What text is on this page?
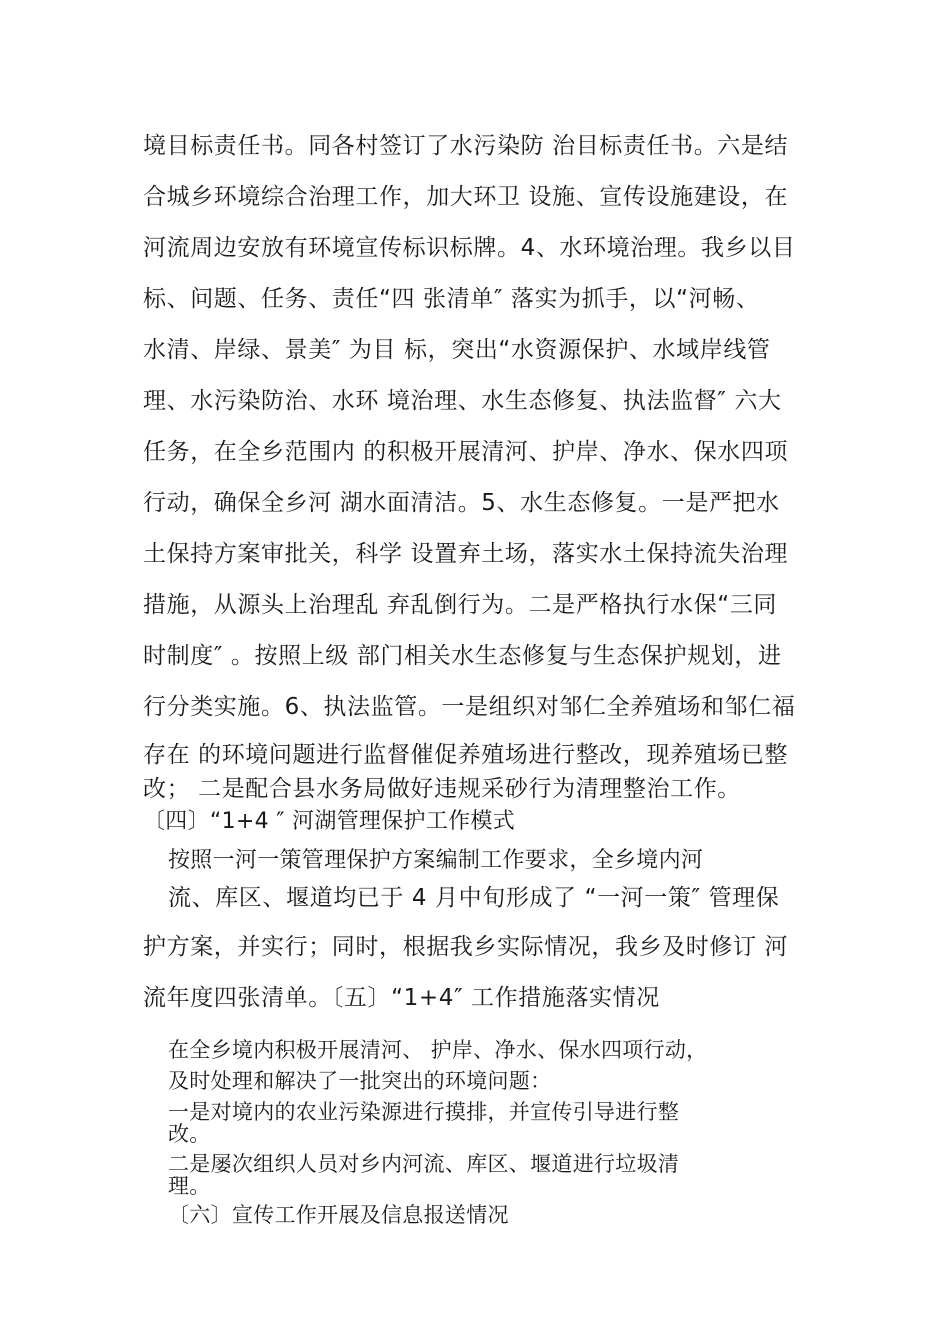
境目标责任书。同各村签订了水污染防 治目标责任书。六是结

合城乡环境综合治理工作，加大环卫 设施、宣传设施建设，在

河流周边安放有环境宣传标识标牌。4、水环境治理。我乡以目

标、问题、任务、责任“四 张清单″ 落实为抓手，以“河畅、

水清、岸绿、景美″ 为目 标，突出“水资源保护、水域岸线管

理、水污染防治、水环 境治理、水生态修复、执法监督″ 六大

任务，在全乡范围内 的积极开展清河、护岸、净水、保水四项

行动，确保全乡河 湖水面清洁。5、水生态修复。一是严把水

土保持方案审批关，科学 设置弃土场，落实水土保持流失治理

措施，从源头上治理乱 弃乱倒行为。二是严格执行水保“三同

时制度″ 。按照上级 部门相关水生态修复与生态保护规划，进

行分类实施。6、执法监管。一是组织对邹仁全养殖场和邹仁福

存在 的环境问题进行监督催促养殖场进行整改，现养殖场已整

改； 二是配合县水务局做好违规采砂行为清理整治工作。

〔四〕“1+4 ″ 河湖管理保护工作模式

按照一河一策管理保护方案编制工作要求，全乡境内河

流、库区、堰道均已于 4 月中旬形成了 “一河一策″ 管理保

护方案，并实行；同时，根据我乡实际情况，我乡及时修订 河

流年度四张清单。〔五〕“1+4″ 工作措施落实情况

在全乡境内积极开展清河、 护岸、净水、保水四项行动，

及时处理和解决了一批突出的环境问题：

一是对境内的农业污染源进行摸排，并宣传引导进行整

改。

二是屡次组织人员对乡内河流、库区、堰道进行垃圾清

理。

〔六〕宣传工作开展及信息报送情况
